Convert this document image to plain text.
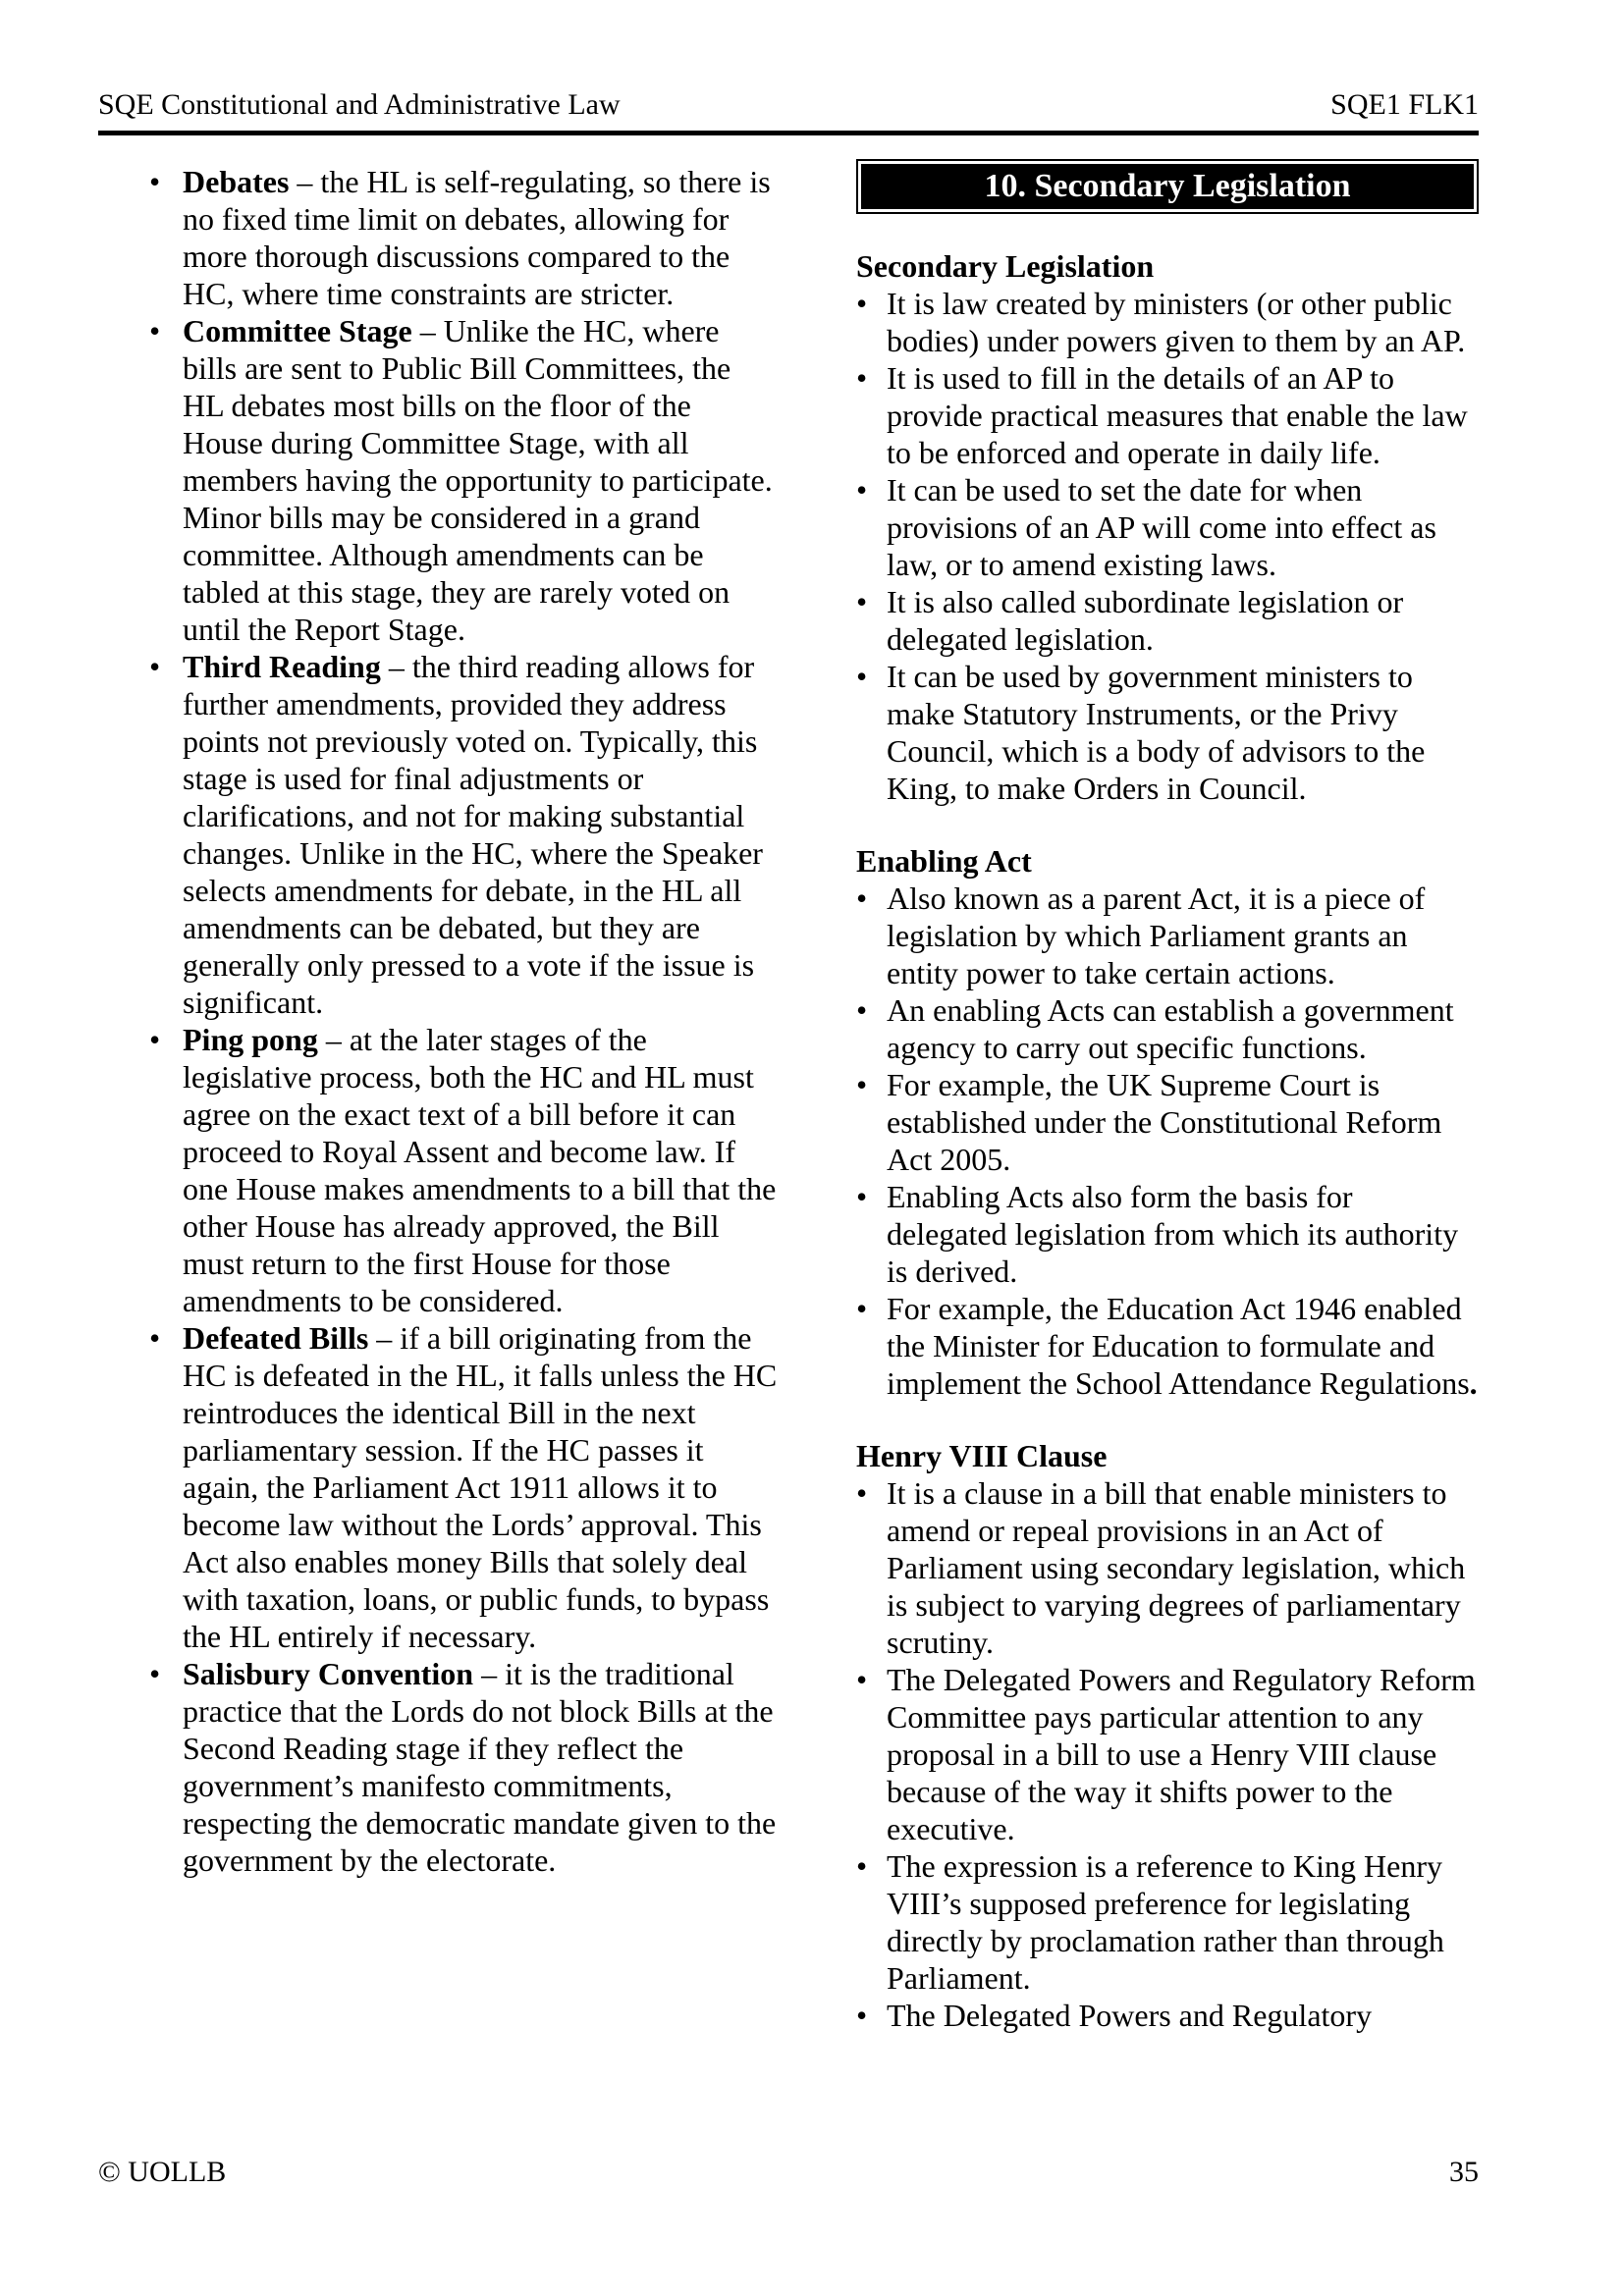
SQE Constitutional and Administrative Law	SQE1 FLK1
• Debates – the HL is self-regulating, so there is no fixed time limit on debates, allowing for more thorough discussions compared to the HC, where time constraints are stricter.
• Committee Stage – Unlike the HC, where bills are sent to Public Bill Committees, the HL debates most bills on the floor of the House during Committee Stage, with all members having the opportunity to participate. Minor bills may be considered in a grand committee. Although amendments can be tabled at this stage, they are rarely voted on until the Report Stage.
• Third Reading – the third reading allows for further amendments, provided they address points not previously voted on. Typically, this stage is used for final adjustments or clarifications, and not for making substantial changes. Unlike in the HC, where the Speaker selects amendments for debate, in the HL all amendments can be debated, but they are generally only pressed to a vote if the issue is significant.
• Ping pong – at the later stages of the legislative process, both the HC and HL must agree on the exact text of a bill before it can proceed to Royal Assent and become law. If one House makes amendments to a bill that the other House has already approved, the Bill must return to the first House for those amendments to be considered.
• Defeated Bills – if a bill originating from the HC is defeated in the HL, it falls unless the HC reintroduces the identical Bill in the next parliamentary session. If the HC passes it again, the Parliament Act 1911 allows it to become law without the Lords’ approval. This Act also enables money Bills that solely deal with taxation, loans, or public funds, to bypass the HL entirely if necessary.
• Salisbury Convention – it is the traditional practice that the Lords do not block Bills at the Second Reading stage if they reflect the government’s manifesto commitments, respecting the democratic mandate given to the government by the electorate.
10. Secondary Legislation
Secondary Legislation
• It is law created by ministers (or other public bodies) under powers given to them by an AP.
• It is used to fill in the details of an AP to provide practical measures that enable the law to be enforced and operate in daily life.
• It can be used to set the date for when provisions of an AP will come into effect as law, or to amend existing laws.
• It is also called subordinate legislation or delegated legislation.
• It can be used by government ministers to make Statutory Instruments, or the Privy Council, which is a body of advisors to the King, to make Orders in Council.
Enabling Act
• Also known as a parent Act, it is a piece of legislation by which Parliament grants an entity power to take certain actions.
• An enabling Acts can establish a government agency to carry out specific functions.
• For example, the UK Supreme Court is established under the Constitutional Reform Act 2005.
• Enabling Acts also form the basis for delegated legislation from which its authority is derived.
• For example, the Education Act 1946 enabled the Minister for Education to formulate and implement the School Attendance Regulations.
Henry VIII Clause
• It is a clause in a bill that enable ministers to amend or repeal provisions in an Act of Parliament using secondary legislation, which is subject to varying degrees of parliamentary scrutiny.
• The Delegated Powers and Regulatory Reform Committee pays particular attention to any proposal in a bill to use a Henry VIII clause because of the way it shifts power to the executive.
• The expression is a reference to King Henry VIII’s supposed preference for legislating directly by proclamation rather than through Parliament.
• The Delegated Powers and Regulatory
© UOLLB	35
